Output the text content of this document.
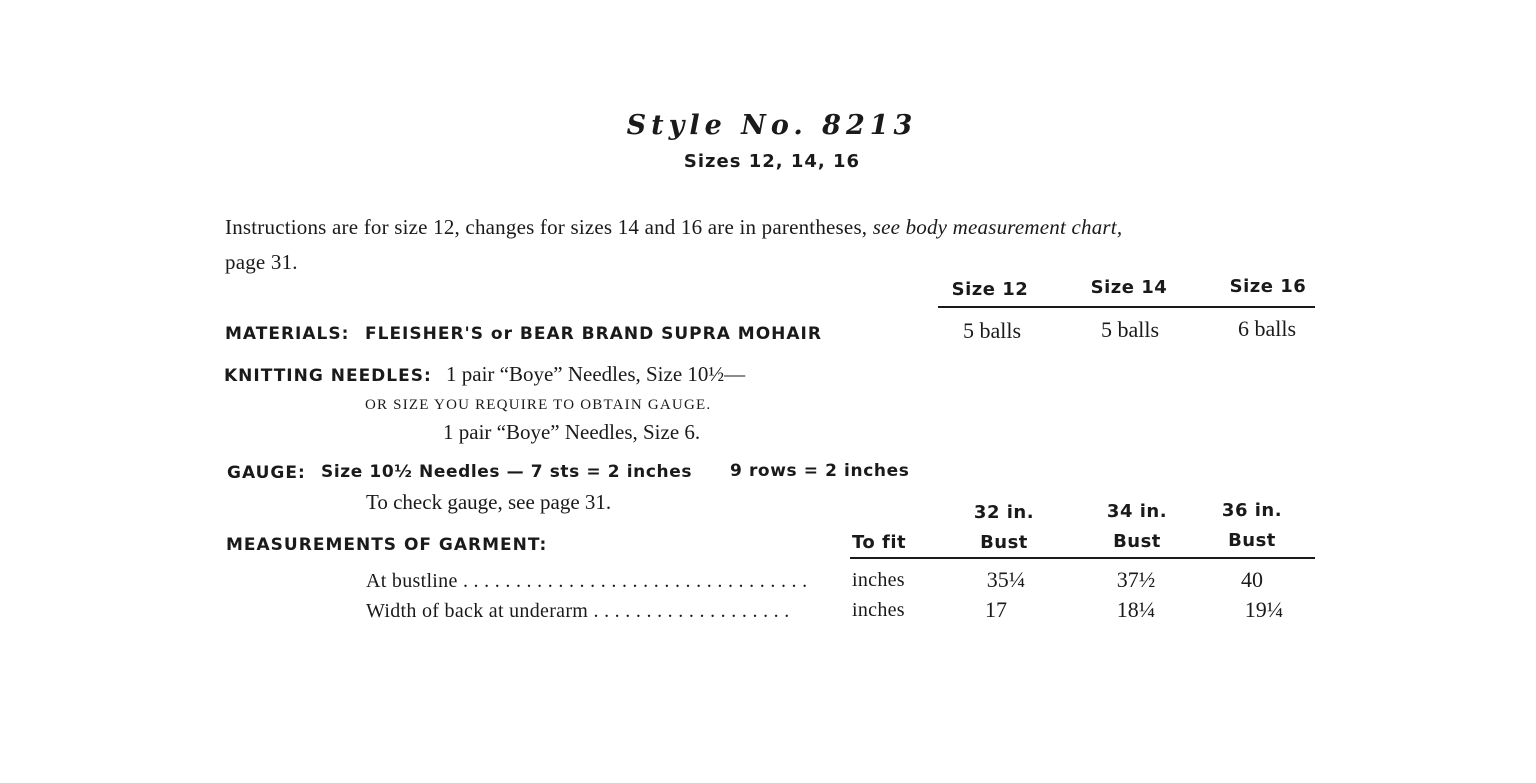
Style No. 8213
Sizes 12, 14, 16
Instructions are for size 12, changes for sizes 14 and 16 are in parentheses, see body measurement chart,
page 31.
Size 12	Size 14	Size 16
MATERIALS: FLEISHER'S or BEAR BRAND SUPRA MOHAIR	5 balls	5 balls	6 balls
KNITTING NEEDLES: 1 pair “Boye” Needles, Size 10½—
OR SIZE YOU REQUIRE TO OBTAIN GAUGE.
1 pair “Boye” Needles, Size 6.
GAUGE: Size 10½ Needles — 7 sts = 2 inches 9 rows = 2 inches
To check gauge, see page 31.	32 in.	34 in.	36 in.
MEASUREMENTS OF GARMENT:	To fit	Bust	Bust	Bust
At bustline . . . . . . . . . . . . . . . . . . . . . . . . . . . . . . . . . inches	35¼	37½	40
Width of back at underarm . . . . . . . . . . . . . . . . . . .	inches	17	18¼	19¼
